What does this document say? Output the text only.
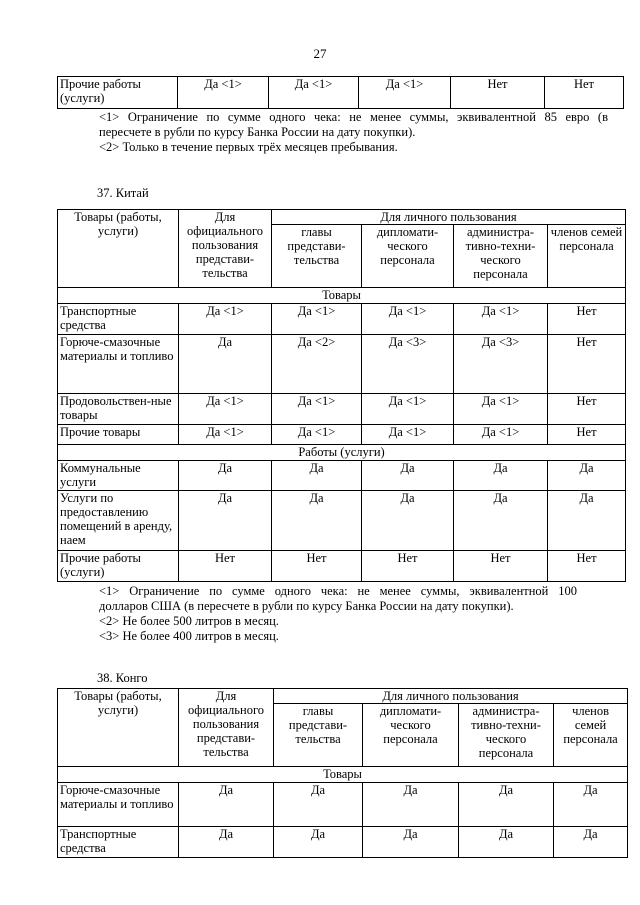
27
Прочие работы (услуги)	Да <1>	Да <1>	Да <1>	Нет	Нет
<1> Ограничение по сумме одного чека: не менее суммы, эквивалентной 85 евро (в
пересчете в рубли по курсу Банка России на дату покупки).
<2> Только в течение первых трёх месяцев пребывания.
37. Китай
Товары (работы, услуги)	Для официального пользования представи-тельства	Для личного пользования			
		главы представи-тельства	дипломати-ческого персонала	администра-тивно-техни-ческого персонала	членов семей персонала
Товары					
Транспортные средства	Да <1>	Да <1>	Да <1>	Да <1>	Нет
Горюче-смазочные материалы и топливо	Да	Да <2>	Да <3>	Да <3>	Нет
Продовольствен-ные товары	Да <1>	Да <1>	Да <1>	Да <1>	Нет
Прочие товары	Да <1>	Да <1>	Да <1>	Да <1>	Нет
Работы (услуги)					
Коммунальные услуги	Да	Да	Да	Да	Да
Услуги по предоставлению помещений в аренду, наем	Да	Да	Да	Да	Да
Прочие работы (услуги)	Нет	Нет	Нет	Нет	Нет
<1> Ограничение по сумме одного чека: не менее суммы, эквивалентной 100
долларов США (в пересчете в рубли по курсу Банка России на дату покупки).
<2> Не более 500 литров в месяц.
<3> Не более 400 литров в месяц.
38. Конго
Товары (работы, услуги)	Для официального пользования представи-тельства	Для личного пользования			
		главы представи-тельства	дипломати-ческого персонала	администра-тивно-техни-ческого персонала	членов семей персонала
Товары					
Горюче-смазочные материалы и топливо	Да	Да	Да	Да	Да
Транспортные средства	Да	Да	Да	Да	Да
